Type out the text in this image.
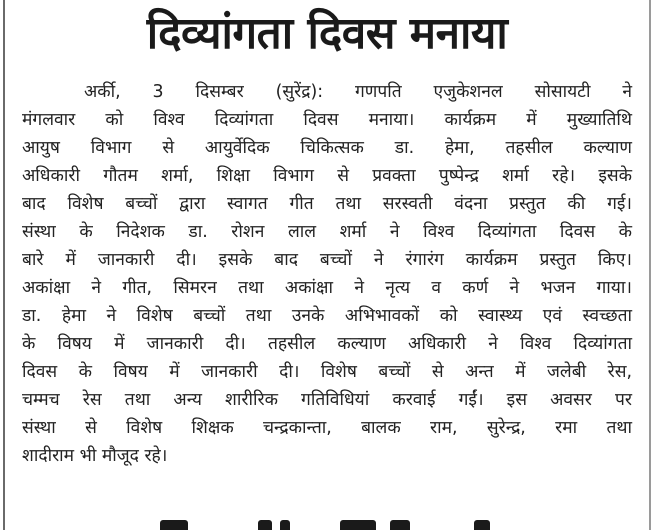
दिव्यांगता दिवस मनाया
अर्की, 3 दिसम्बर (सुरेंद्र): गणपति एजुकेशनल सोसायटी ने
मंगलवार को विश्व दिव्यांगता दिवस मनाया। कार्यक्रम में मुख्यातिथि
आयुष विभाग से आयुर्वेदिक चिकित्सक डा. हेमा, तहसील कल्याण
अधिकारी गौतम शर्मा, शिक्षा विभाग से प्रवक्ता पुष्पेन्द्र शर्मा रहे। इसके
बाद विशेष बच्चों द्वारा स्वागत गीत तथा सरस्वती वंदना प्रस्तुत की गई।
संस्था के निदेशक डा. रोशन लाल शर्मा ने विश्व दिव्यांगता दिवस के
बारे में जानकारी दी। इसके बाद बच्चों ने रंगारंग कार्यक्रम प्रस्तुत किए।
अकांक्षा ने गीत, सिमरन तथा अकांक्षा ने नृत्य व कर्ण ने भजन गाया।
डा. हेमा ने विशेष बच्चों तथा उनके अभिभावकों को स्वास्थ्य एवं स्वच्छता
के विषय में जानकारी दी। तहसील कल्याण अधिकारी ने विश्व दिव्यांगता
दिवस के विषय में जानकारी दी। विशेष बच्चों से अन्त में जलेबी रेस,
चम्मच रेस तथा अन्य शारीरिक गतिविधियां करवाई गईं। इस अवसर पर
संस्था से विशेष शिक्षक चन्द्रकान्ता, बालक राम, सुरेन्द्र, रमा तथा
शादीराम भी मौजूद रहे।
